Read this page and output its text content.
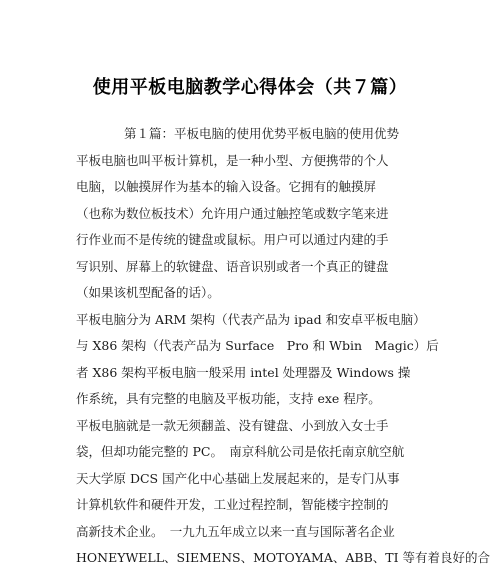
使用平板电脑教学心得体会（共７篇）
第１篇：平板电脑的使用优势平板电脑的使用优势
平板电脑也叫平板计算机，是一种小型、方便携带的个人
电脑，以触摸屏作为基本的输入设备。它拥有的触摸屏
（也称为数位板技术）允许用户通过触控笔或数字笔来进
行作业而不是传统的键盘或鼠标。用户可以通过内建的手
写识别、屏幕上的软键盘、语音识别或者一个真正的键盘
（如果该机型配备的话）。
平板电脑分为 ARM 架构（代表产品为 ipad 和安卓平板电脑）
与 X86 架构（代表产品为 Surface　Pro 和 Wbin　Magic）后
者 X86 架构平板电脑一般采用 intel 处理器及 Windows 操
作系统，具有完整的电脑及平板功能，支持 exe 程序。
平板电脑就是一款无须翻盖、没有键盘、小到放入女士手
袋，但却功能完整的 PC。　南京科航公司是依托南京航空航
天大学原 DCS 国产化中心基础上发展起来的，是专门从事
计算机软件和硬件开发，工业过程控制，智能楼宇控制的
高新技术企业。　一九九五年成立以来一直与国际著名企业
HONEYWELL、SIEMENS、MOTOYAMA、ABB、TI 等有着良好的合
